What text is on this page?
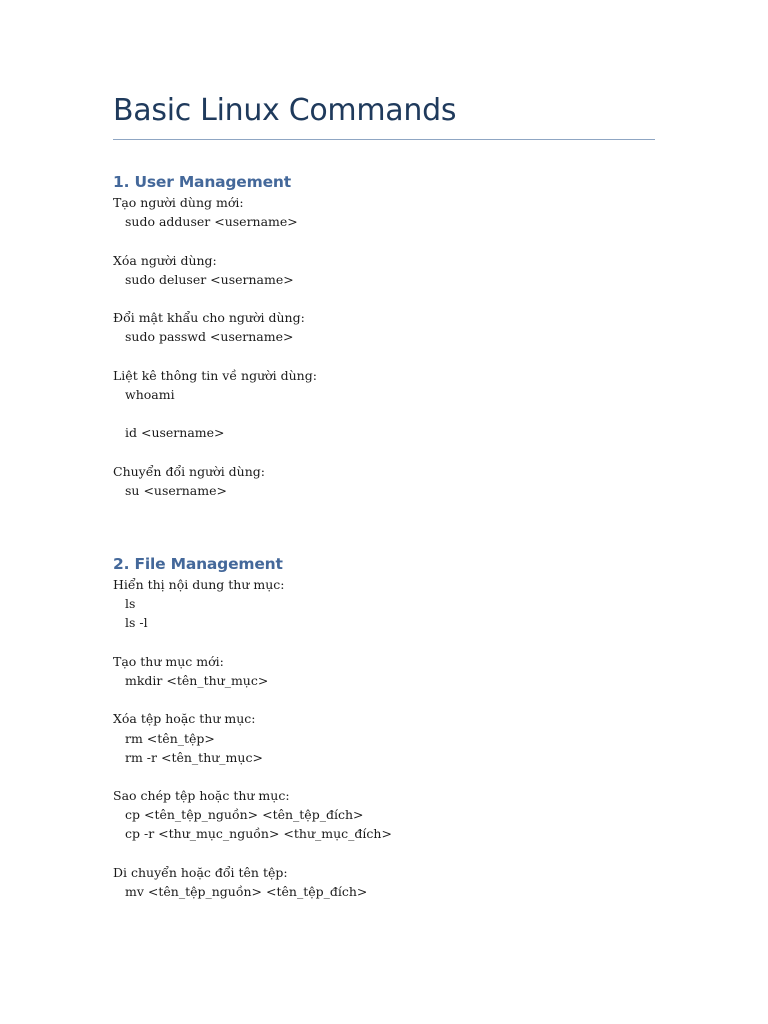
Basic Linux Commands
1. User Management
Tạo người dùng mới:
sudo adduser <username>
Xóa người dùng:
sudo deluser <username>
Đổi mật khẩu cho người dùng:
sudo passwd <username>
Liệt kê thông tin về người dùng:
whoami
id <username>
Chuyển đổi người dùng:
su <username>
2. File Management
Hiển thị nội dung thư mục:
ls
ls -l
Tạo thư mục mới:
mkdir <tên_thư_mục>
Xóa tệp hoặc thư mục:
rm <tên_tệp>
rm -r <tên_thư_mục>
Sao chép tệp hoặc thư mục:
cp <tên_tệp_nguồn> <tên_tệp_đích>
cp -r <thư_mục_nguồn> <thư_mục_đích>
Di chuyển hoặc đổi tên tệp:
mv <tên_tệp_nguồn> <tên_tệp_đích>
